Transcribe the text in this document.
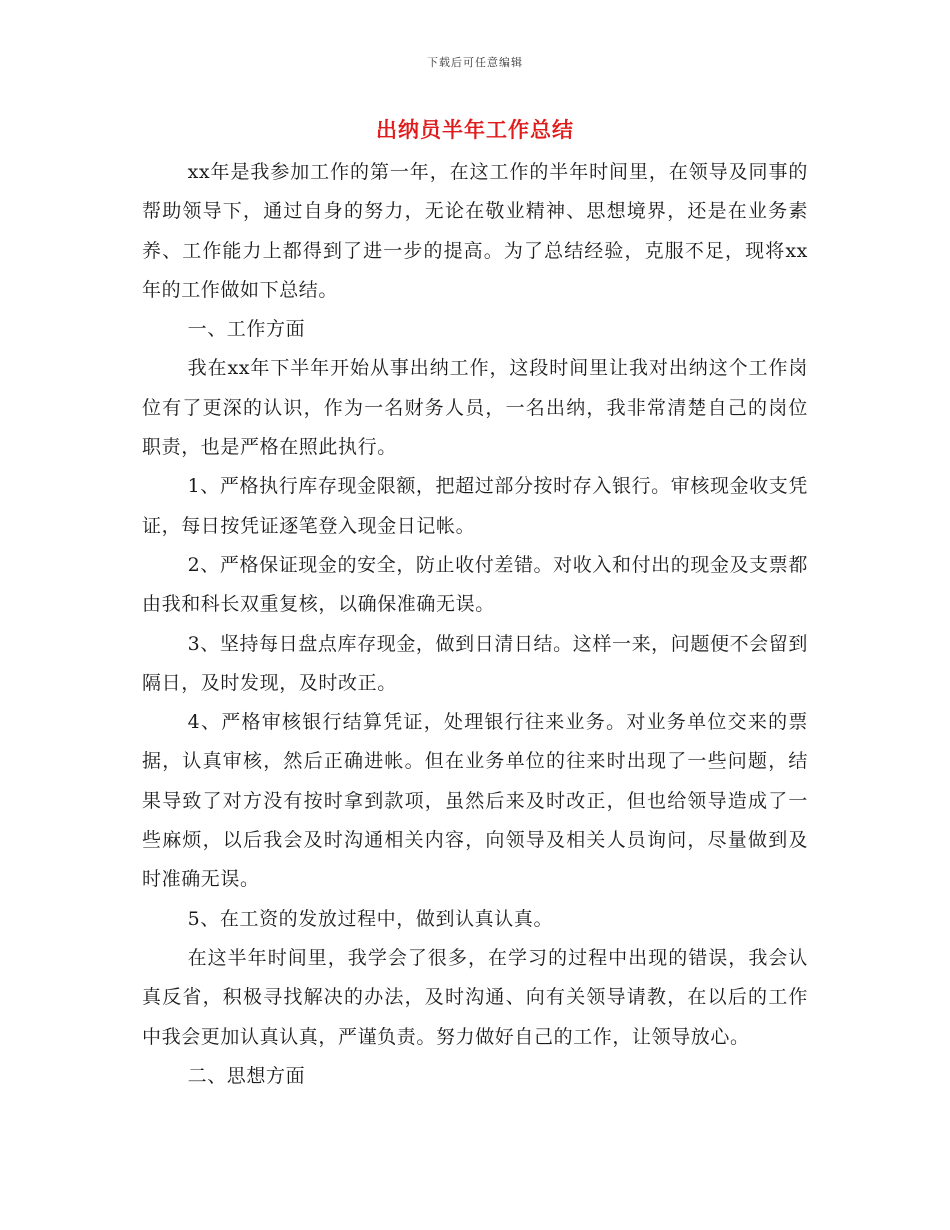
下载后可任意编辑
出纳员半年工作总结

xx年是我参加工作的第一年，在这工作的半年时间里，在领导及同事的帮助领导下，通过自身的努力，无论在敬业精神、思想境界，还是在业务素养、工作能力上都得到了进一步的提高。为了总结经验，克服不足，现将xx年的工作做如下总结。

一、工作方面

我在xx年下半年开始从事出纳工作，这段时间里让我对出纳这个工作岗位有了更深的认识，作为一名财务人员，一名出纳，我非常清楚自己的岗位职责，也是严格在照此执行。

1、严格执行库存现金限额，把超过部分按时存入银行。审核现金收支凭证，每日按凭证逐笔登入现金日记帐。

2、严格保证现金的安全，防止收付差错。对收入和付出的现金及支票都由我和科长双重复核，以确保准确无误。

3、坚持每日盘点库存现金，做到日清日结。这样一来，问题便不会留到隔日，及时发现，及时改正。

4、严格审核银行结算凭证，处理银行往来业务。对业务单位交来的票据，认真审核，然后正确进帐。但在业务单位的往来时出现了一些问题，结果导致了对方没有按时拿到款项，虽然后来及时改正，但也给领导造成了一些麻烦，以后我会及时沟通相关内容，向领导及相关人员询问，尽量做到及时准确无误。

5、在工资的发放过程中，做到认真认真。

在这半年时间里，我学会了很多，在学习的过程中出现的错误，我会认真反省，积极寻找解决的办法，及时沟通、向有关领导请教，在以后的工作中我会更加认真认真，严谨负责。努力做好自己的工作，让领导放心。

二、思想方面
